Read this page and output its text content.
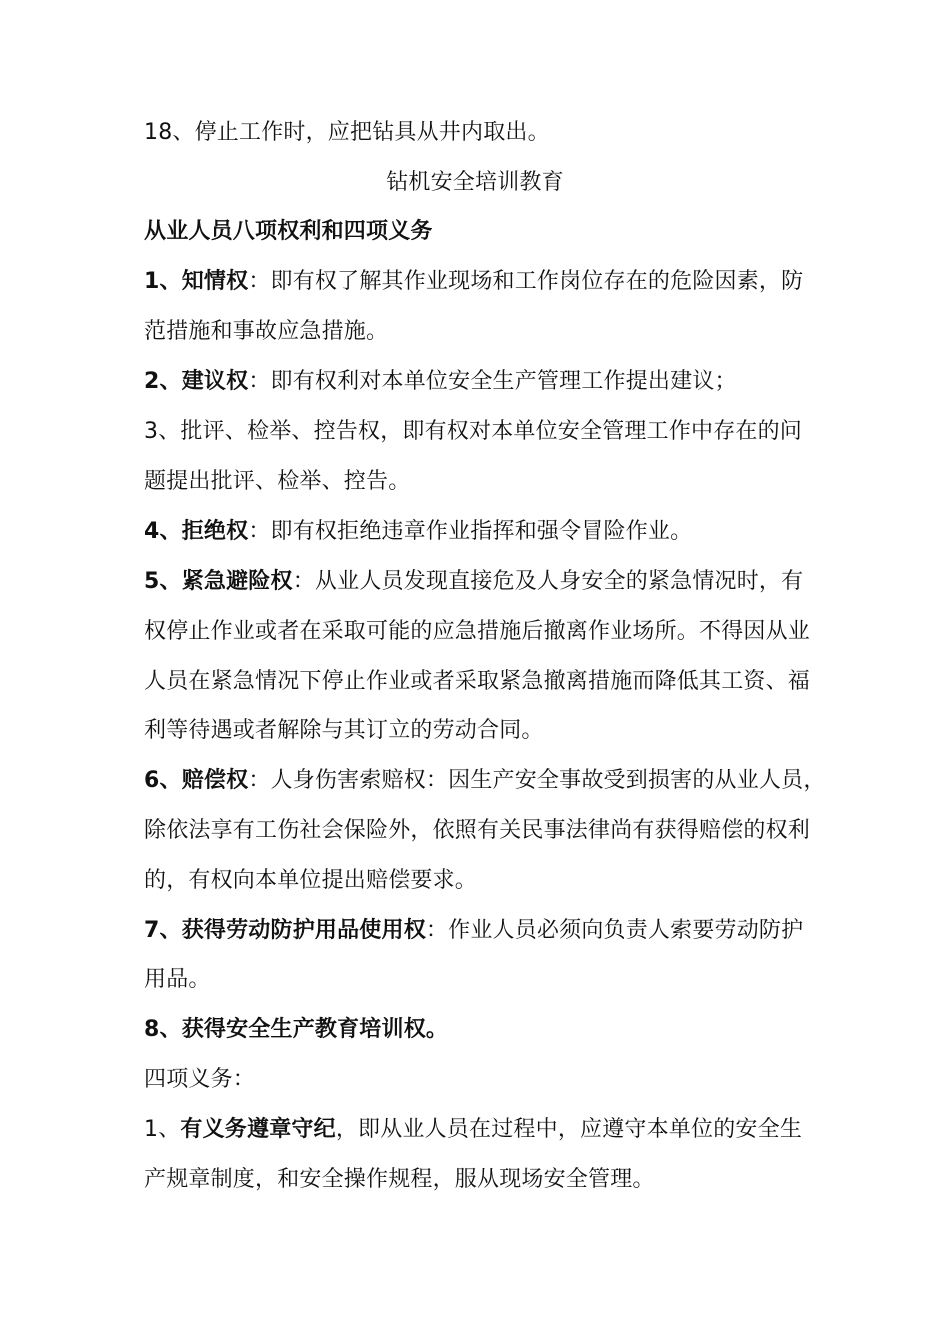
18、停止工作时，应把钻具从井内取出。
钻机安全培训教育
从业人员八项权利和四项义务
1、知情权：即有权了解其作业现场和工作岗位存在的危险因素，防
范措施和事故应急措施。
2、建议权：即有权利对本单位安全生产管理工作提出建议；
3、批评、检举、控告权，即有权对本单位安全管理工作中存在的问
题提出批评、检举、控告。
4、拒绝权：即有权拒绝违章作业指挥和强令冒险作业。
5、紧急避险权：从业人员发现直接危及人身安全的紧急情况时，有
权停止作业或者在采取可能的应急措施后撤离作业场所。不得因从业
人员在紧急情况下停止作业或者采取紧急撤离措施而降低其工资、福
利等待遇或者解除与其订立的劳动合同。
6、赔偿权：人身伤害索赔权：因生产安全事故受到损害的从业人员，
除依法享有工伤社会保险外，依照有关民事法律尚有获得赔偿的权利
的，有权向本单位提出赔偿要求。
7、获得劳动防护用品使用权：作业人员必须向负责人索要劳动防护
用品。
8、获得安全生产教育培训权。
四项义务：
1、有义务遵章守纪，即从业人员在过程中，应遵守本单位的安全生
产规章制度，和安全操作规程，服从现场安全管理。
